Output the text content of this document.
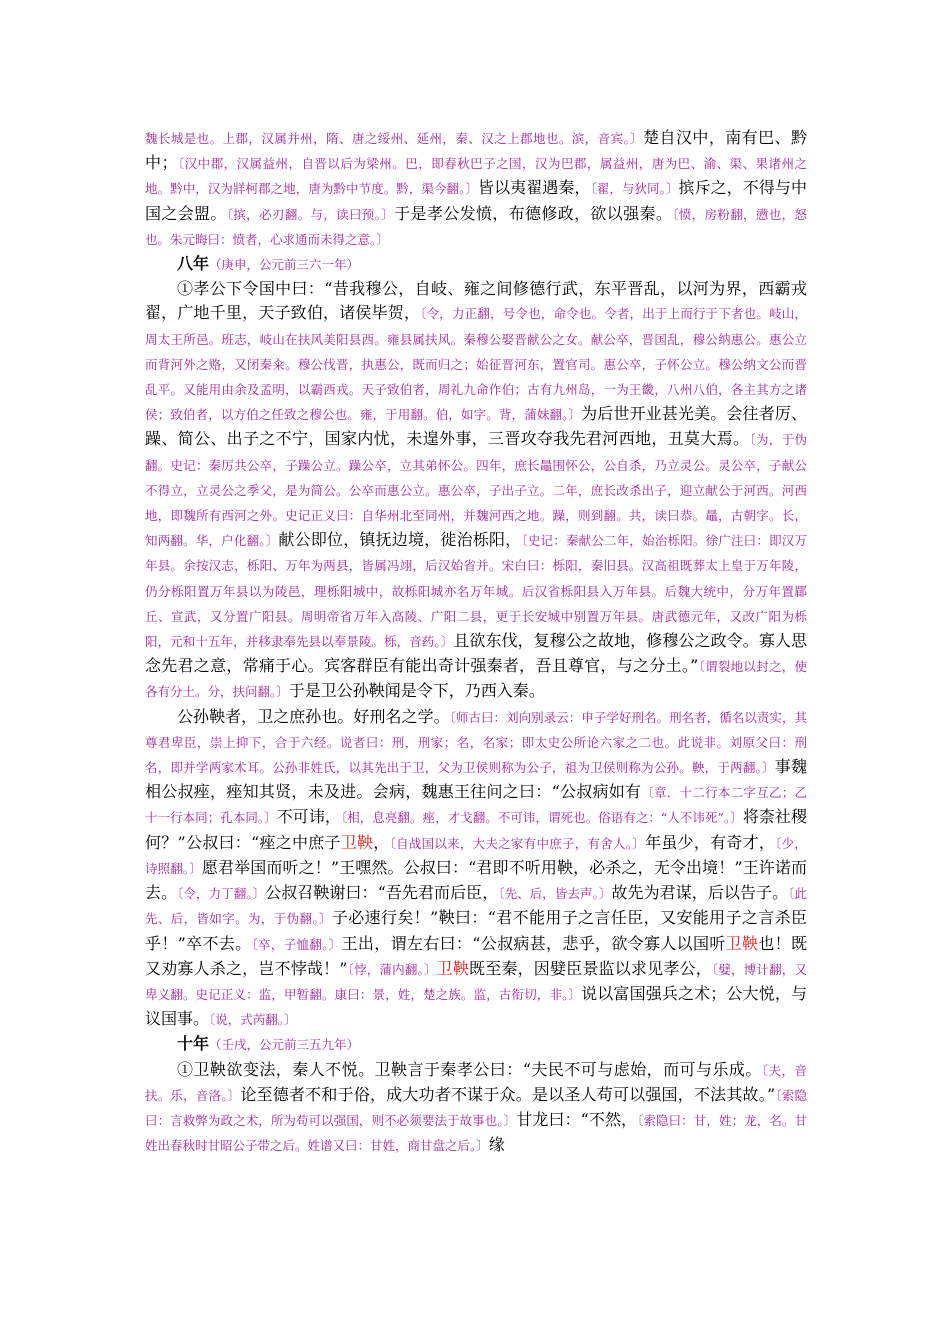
魏长城是也。上郡，汉属并州，隋、唐之绥州、延州，秦、汉之上郡地也。滨，音宾。〕楚自汉中，南有巴、黔中；〔汉中郡，汉属益州，自晋以后为梁州。巴，即春秋巴子之国，汉为巴郡，属益州，唐为巴、渝、渠、果诸州之地。黔中，汉为牂柯郡之地，唐为黔中节度。黔，渠今翻。〕皆以夷翟遇秦，〔翟，与狄同。〕摈斥之，不得与中国之会盟。〔摈，必刃翻。与，读曰预。〕于是孝公发愤，布德修政，欲以强秦。〔愤，房粉翻，懑也，怒也。朱元晦曰：愤者，心求通而未得之意。〕

八年（庚申，公元前三六一年）

①孝公下令国中曰：“昔我穆公，自岐、雍之间修德行武，东平晋乱，以河为界，西霸戎翟，广地千里，天子致伯，诸侯毕贺，〔令，力正翻，号令也，命令也。令者，出于上而行于下者也。岐山，周太王所邑。班志，岐山在扶风美阳县西。雍县属扶风。秦穆公娶晋献公之女。献公卒，晋国乱，穆公纳惠公。惠公立而背河外之赂，又闭秦籴。穆公伐晋，执惠公，既而归之；始征晋河东，置官司。惠公卒，子怀公立。穆公纳文公而晋乱平。又能用由余及孟明，以霸西戎。天子致伯者，周礼九命作伯；古有九州岛，一为王畿，八州八伯，各主其方之诸侯；致伯者，以方伯之任致之穆公也。雍，于用翻。伯，如字。背，蒲妹翻。〕为后世开业甚光美。会往者厉、躁、简公、出子之不宁，国家内忧，未遑外事，三晋攻夺我先君河西地，丑莫大焉。〔为，于伪翻。史记：秦厉共公卒，子躁公立。躁公卒，立其弟怀公。四年，庶长鼂围怀公，公自杀，乃立灵公。灵公卒，子献公不得立，立灵公之季父，是为简公。公卒而惠公立。惠公卒，子出子立。二年，庶长改杀出子，迎立献公于河西。河西地，即魏所有西河之外。史记正义曰：自华州北至同州，并魏河西之地。躁，则到翻。共，读曰恭。鼂，古朝字。长，知两翻。华，户化翻。〕献公即位，镇抚边境，徙治栎阳，〔史记：秦献公二年，始治栎阳。徐广注曰：即汉万年县。余按汉志，栎阳、万年为两县，皆属冯翊，后汉始省并。宋白曰：栎阳，秦旧县。汉高祖既葬太上皇于万年陵，仍分栎阳置万年县以为陵邑，理栎阳城中，故栎阳城亦名万年城。后汉省栎阳县入万年县。后魏大统中，分万年置郿丘、宣武，又分置广阳县。周明帝省万年入高陵、广阳二县，更于长安城中别置万年县。唐武德元年，又改广阳为栎阳，元和十五年，并移隶奉先县以奉景陵。栎，音药。〕且欲东伐，复穆公之故地，修穆公之政令。寡人思念先君之意，常痛于心。宾客群臣有能出奇计强秦者，吾且尊官，与之分土。”〔谓裂地以封之，使各有分土。分，扶问翻。〕于是卫公孙鞅闻是令下，乃西入秦。

公孙鞅者，卫之庶孙也。好刑名之学。〔师古曰：刘向别录云：申子学好刑名。刑名者，循名以责实，其尊君卑臣，崇上抑下，合于六经。说者曰：刑，刑家；名，名家；即太史公所论六家之二也。此说非。刘原父曰：刑名，即并学两家术耳。公孙非姓氏，以其先出于卫，父为卫侯则称为公子，祖为卫侯则称为公孙。鞅，于两翻。〕事魏相公叔痤，痤知其贤，未及进。会病，魏惠王往问之曰：“公叔病如有〔章．十二行本二字互乙；乙十一行本同；孔本同。〕不可讳，〔相，息亮翻。痤，才戈翻。不可讳，谓死也。俗语有之：“人不讳死”。〕将柰社稷何？”公叔曰：“痤之中庶子卫鞅，〔自战国以来，大夫之家有中庶子，有舍人。〕年虽少，有奇才，〔少，诗照翻。〕愿君举国而听之！”王嘿然。公叔曰：“君即不听用鞅，必杀之，无令出境！”王许诺而去。〔令，力丁翻。〕公叔召鞅谢曰：“吾先君而后臣，〔先、后，皆去声。〕故先为君谋，后以告子。〔此先、后，皆如字。为，于伪翻。〕子必速行矣！”鞅曰：“君不能用子之言任臣，又安能用子之言杀臣乎！”卒不去。〔卒，子恤翻。〕王出，谓左右曰：“公叔病甚，悲乎，欲令寡人以国听卫鞅也！既又劝寡人杀之，岂不悖哉！”〔悖，蒲内翻。〕卫鞅既至秦，因嬖臣景监以求见孝公，〔嬖，博计翻，又卑义翻。史记正义：监，甲暂翻。康曰：景，姓，楚之族。监，古衔切，非。〕说以富国强兵之术；公大悦，与议国事。〔说，式芮翻。〕

十年（壬戌，公元前三五九年）

①卫鞅欲变法，秦人不悦。卫鞅言于秦孝公曰：“夫民不可与虑始，而可与乐成。〔夫，音扶。乐，音洛。〕论至德者不和于俗，成大功者不谋于众。是以圣人苟可以强国，不法其故。”〔索隐曰：言救弊为政之术，所为苟可以强国，则不必须要法于故事也。〕甘龙曰：“不然，〔索隐曰：甘，姓；龙，名。甘姓出春秋时甘昭公子带之后。姓谱又曰：甘姓，商甘盘之后。〕缘
